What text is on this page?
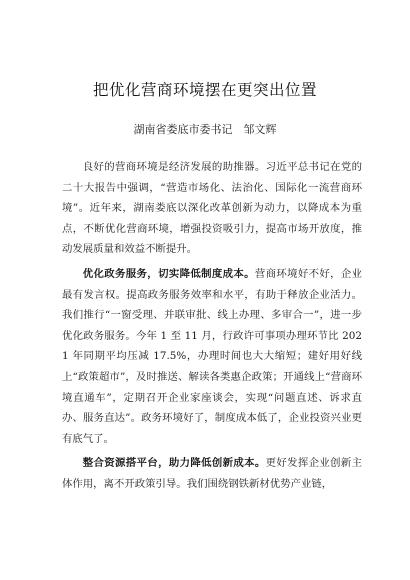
把优化营商环境摆在更突出位置
湖南省娄底市委书记　邹文辉

良好的营商环境是经济发展的助推器。习近平总书记在党的二十大报告中强调，“营造市场化、法治化、国际化一流营商环境”。近年来，湖南娄底以深化改革创新为动力，以降成本为重点，不断优化营商环境，增强投资吸引力，提高市场开放度，推动发展质量和效益不断提升。

优化政务服务，切实降低制度成本。营商环境好不好，企业最有发言权。提高政务服务效率和水平，有助于释放企业活力。我们推行“一窗受理、并联审批、线上办理、多审合一”，进一步优化政务服务。今年 1 至 11 月，行政许可事项办理环节比 2021 年同期平均压减 17.5%，办理时间也大大缩短；建好用好线上“政策超市”，及时推送、解读各类惠企政策；开通线上“营商环境直通车”，定期召开企业家座谈会，实现“问题直述、诉求直办、服务直达”。政务环境好了，制度成本低了，企业投资兴业更有底气了。

整合资源搭平台，助力降低创新成本。更好发挥企业创新主体作用，离不开政策引导。我们围绕钢铁新材优势产业链，
